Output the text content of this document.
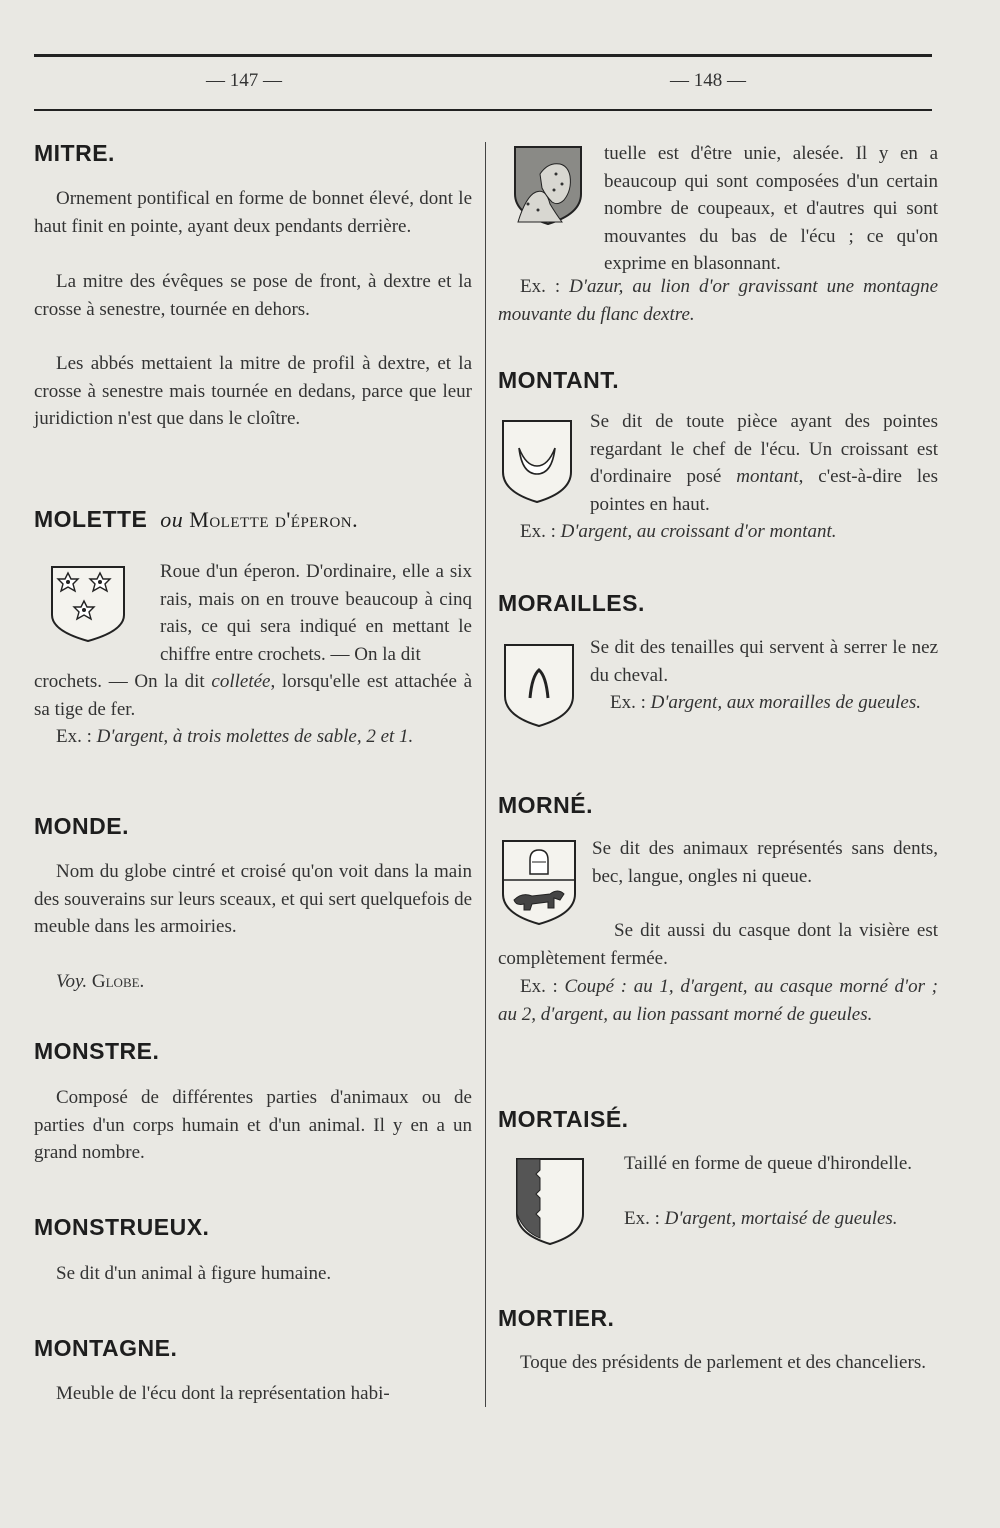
— 147 —	— 148 —
MITRE.
Ornement pontifical en forme de bonnet élevé, dont le haut finit en pointe, ayant deux pendants derrière.
La mitre des évêques se pose de front, à dextre et la crosse à senestre, tournée en dehors.
Les abbés mettaient la mitre de profil à dextre, et la crosse à senestre mais tournée en dedans, parce que leur juridiction n'est que dans le cloître.
MOLETTE ou Molette d'éperon.
Roue d'un éperon. D'ordinaire, elle a six rais, mais on en trouve beaucoup à cinq rais, ce qui sera indiqué en mettant le chiffre entre crochets. — On la dit
crochets. — On la dit colletée, lorsqu'elle est attachée à sa tige de fer.
Ex. : D'argent, à trois molettes de sable, 2 et 1.
MONDE.
Nom du globe cintré et croisé qu'on voit dans la main des souverains sur leurs sceaux, et qui sert quelquefois de meuble dans les armoiries.
Voy. Globe.
MONSTRE.
Composé de différentes parties d'animaux ou de parties d'un corps humain et d'un animal. Il y en a un grand nombre.
MONSTRUEUX.
Se dit d'un animal à figure humaine.
MONTAGNE.
Meuble de l'écu dont la représentation habi-
tuelle est d'être unie, alesée. Il y en a beaucoup qui sont composées d'un certain nombre de coupeaux, et d'autres qui sont mouvantes du bas de l'écu ; ce qu'on exprime en blasonnant.
Ex. : D'azur, au lion d'or gravissant une montagne mouvante du flanc dextre.
MONTANT.
Se dit de toute pièce ayant des pointes regardant le chef de l'écu. Un croissant est d'ordinaire posé montant, c'est-à-dire les pointes en haut.
Ex. : D'argent, au croissant d'or montant.
MORAILLES.
Se dit des tenailles qui servent à serrer le nez du cheval.
Ex. : D'argent, aux morailles de gueules.
MORNÉ.
Se dit des animaux représentés sans dents, bec, langue, ongles ni queue.
Se dit aussi du casque dont la visière est complètement fermée.
Ex. : Coupé : au 1, d'argent, au casque morné d'or ; au 2, d'argent, au lion passant morné de gueules.
MORTAISÉ.
Taillé en forme de queue d'hirondelle.
Ex. : D'argent, mortaisé de gueules.
MORTIER.
Toque des présidents de parlement et des chanceliers.
